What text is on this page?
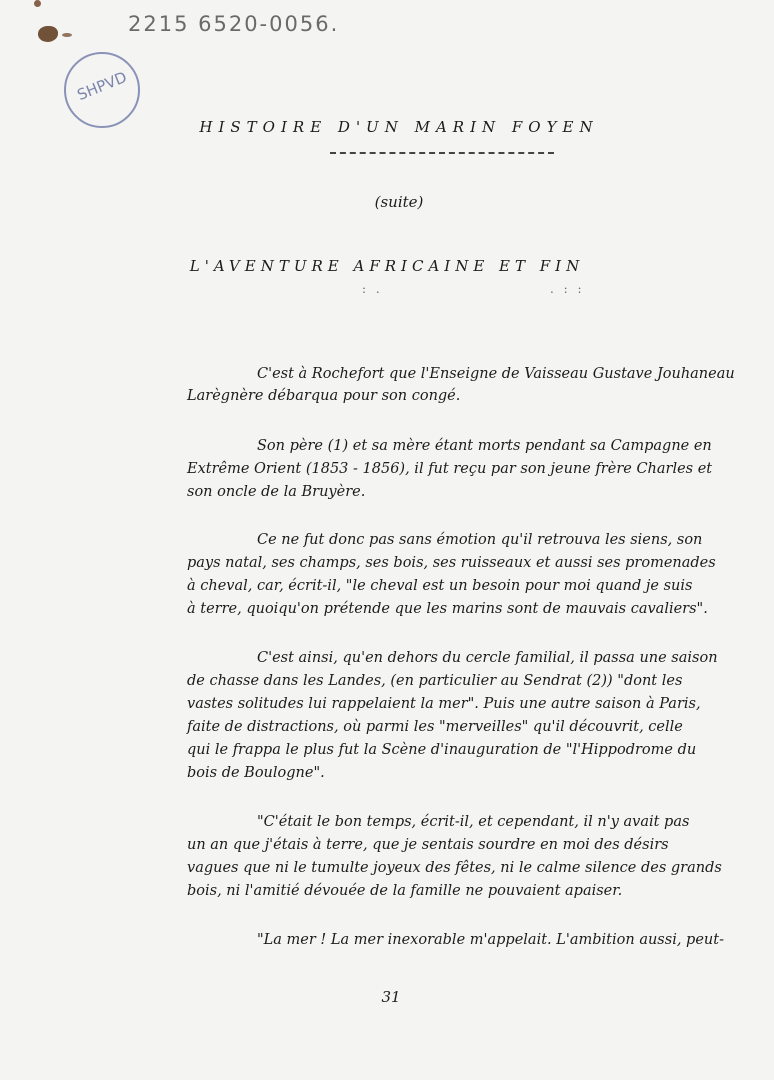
2215 6520-0056.
SHPVD
HISTOIRE D'UN MARIN FOYEN
(suite)
L'AVENTURE AFRICAINE ET FIN
: .	. : :
C'est à Rochefort que l'Enseigne de Vaisseau Gustave Jouhaneau
Larègnère débarqua pour son congé.
Son père (1) et sa mère étant morts pendant sa Campagne en
Extrême Orient (1853 - 1856), il fut reçu par son jeune frère Charles et
son oncle de la Bruyère.
Ce ne fut donc pas sans émotion qu'il retrouva les siens, son
pays natal, ses champs, ses bois, ses ruisseaux et aussi ses promenades
à cheval, car, écrit-il, "le cheval est un besoin pour moi quand je suis
à terre, quoiqu'on prétende que les marins sont de mauvais cavaliers".
C'est ainsi, qu'en dehors du cercle familial, il passa une saison
de chasse dans les Landes, (en particulier au Sendrat (2)) "dont les
vastes solitudes lui rappelaient la mer". Puis une autre saison à Paris,
faite de distractions, où parmi les "merveilles" qu'il découvrit, celle
qui le frappa le plus fut la Scène d'inauguration de "l'Hippodrome du
bois de Boulogne".
"C'était le bon temps, écrit-il, et cependant, il n'y avait pas
un an que j'étais à terre, que je sentais sourdre en moi des désirs
vagues que ni le tumulte joyeux des fêtes, ni le calme silence des grands
bois, ni l'amitié dévouée de la famille ne pouvaient apaiser.
"La mer ! La mer inexorable m'appelait. L'ambition aussi, peut-
31
